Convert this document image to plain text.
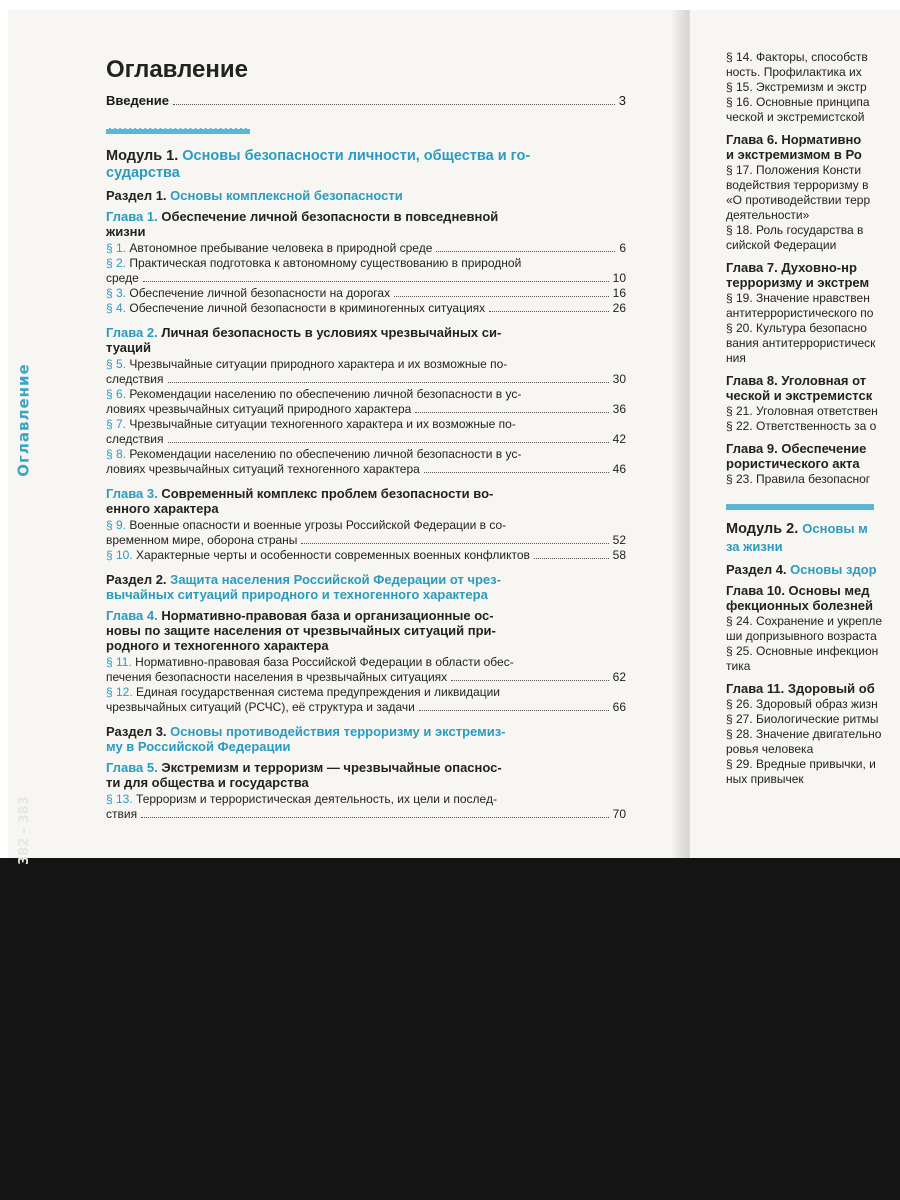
Оглавление
382 - 383
Оглавление
Введение	3
Модуль 1. Основы безопасности личности, общества и го-
сударства
Раздел 1. Основы комплексной безопасности
Глава 1. Обеспечение личной безопасности в повседневной
жизни
§ 1. Автономное пребывание человека в природной среде	6
§ 2. Практическая подготовка к автономному существованию в природной
среде	10
§ 3. Обеспечение личной безопасности на дорогах	16
§ 4. Обеспечение личной безопасности в криминогенных ситуациях	26
Глава 2. Личная безопасность в условиях чрезвычайных си-
туаций
§ 5. Чрезвычайные ситуации природного характера и их возможные по-
следствия	30
§ 6. Рекомендации населению по обеспечению личной безопасности в ус-
ловиях чрезвычайных ситуаций природного характера	36
§ 7. Чрезвычайные ситуации техногенного характера и их возможные по-
следствия	42
§ 8. Рекомендации населению по обеспечению личной безопасности в ус-
ловиях чрезвычайных ситуаций техногенного характера	46
Глава 3. Современный комплекс проблем безопасности во-
енного характера
§ 9. Военные опасности и военные угрозы Российской Федерации в со-
временном мире, оборона страны	52
§ 10. Характерные черты и особенности современных военных конфликтов	58
Раздел 2. Защита населения Российской Федерации от чрез-
вычайных ситуаций природного и техногенного характера
Глава 4. Нормативно-правовая база и организационные ос-
новы по защите населения от чрезвычайных ситуаций при-
родного и техногенного характера
§ 11. Нормативно-правовая база Российской Федерации в области обес-
печения безопасности населения в чрезвычайных ситуациях	62
§ 12. Единая государственная система предупреждения и ликвидации
чрезвычайных ситуаций (РСЧС), её структура и задачи	66
Раздел 3. Основы противодействия терроризму и экстремиз-
му в Российской Федерации
Глава 5. Экстремизм и терроризм — чрезвычайные опаснос-
ти для общества и государства
§ 13. Терроризм и террористическая деятельность, их цели и послед-
ствия	70
§ 14. Факторы, способств
ность. Профилактика их
§ 15. Экстремизм и экстр
§ 16. Основные принципа
ческой и экстремистской
Глава 6. Нормативно
и экстремизмом в Ро
§ 17. Положения Консти
водействия терроризму в
«О противодействии терр
деятельности»
§ 18. Роль государства в
сийской Федерации
Глава 7. Духовно-нр
терроризму и экстрем
§ 19. Значение нравствен
антитеррористического по
§ 20. Культура безопасно
вания антитеррористическ
ния
Глава 8. Уголовная от
ческой и экстремистск
§ 21. Уголовная ответствен
§ 22. Ответственность за о
Глава 9. Обеспечение
рористического акта
§ 23. Правила безопасног
Модуль 2. Основы м
за жизни
Раздел 4. Основы здор
Глава 10. Основы мед
фекционных болезней
§ 24. Сохранение и укрепле
ши допризывного возраста
§ 25. Основные инфекцион
тика
Глава 11. Здоровый об
§ 26. Здоровый образ жизн
§ 27. Биологические ритмы
§ 28. Значение двигательно
ровья человека
§ 29. Вредные привычки, и
ных привычек
